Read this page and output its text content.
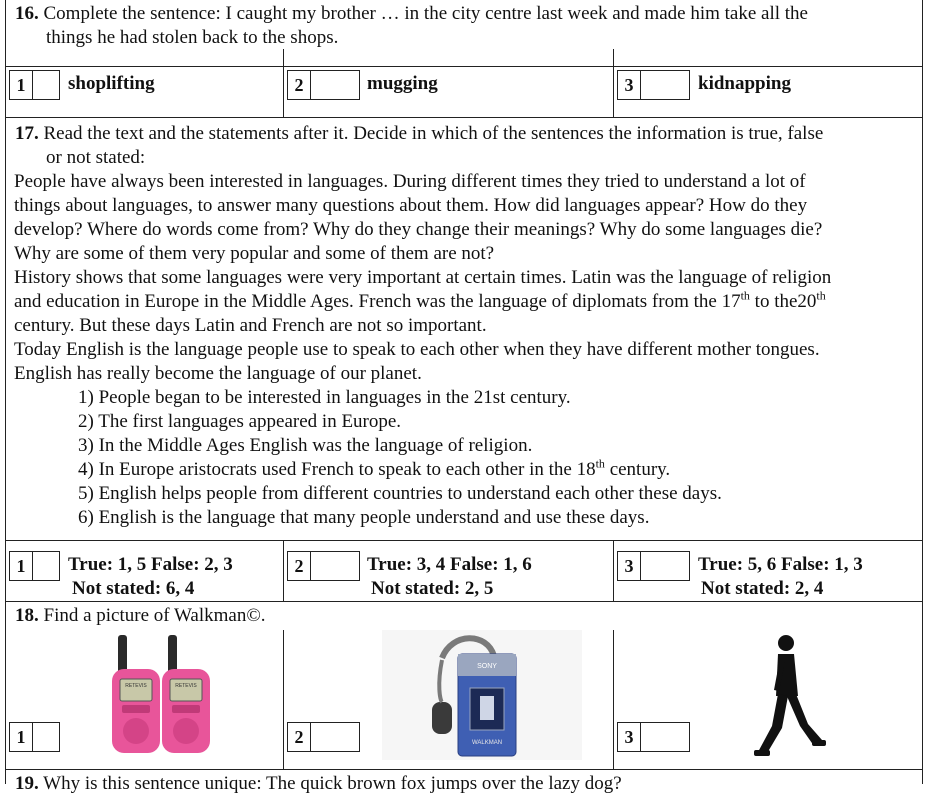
16. Complete the sentence: I caught my brother … in the city centre last week and made him take all the
things he had stolen back to the shops.
1	shoplifting	2	mugging	3	kidnapping
17. Read the text and the statements after it. Decide in which of the sentences the information is true, false
or not stated:
People have always been interested in languages. During different times they tried to understand a lot of
things about languages, to answer many questions about them. How did languages appear? How do they
develop? Where do words come from? Why do they change their meanings? Why do some languages die?
Why are some of them very popular and some of them are not?
History shows that some languages were very important at certain times. Latin was the language of religion
and education in Europe in the Middle Ages. French was the language of diplomats from the 17th to the20th
century. But these days Latin and French are not so important.
Today English is the language people use to speak to each other when they have different mother tongues.
English has really become the language of our planet.
1) People began to be interested in languages in the 21st century.
2) The first languages appeared in Europe.
3) In the Middle Ages English was the language of religion.
4) In Europe aristocrats used French to speak to each other in the 18th century.
5) English helps people from different countries to understand each other these days.
6) English is the language that many people understand and use these days.
1	True: 1, 5 False: 2, 3
Not stated: 6, 4
2	True: 3, 4 False: 1, 6
Not stated: 2, 5
3	True: 5, 6 False: 1, 3
Not stated: 2, 4
18. Find a picture of Walkman©.
RETEVIS	RETEVIS
SONY
WALKMAN
1	2	3
19. Why is this sentence unique: The quick brown fox jumps over the lazy dog?
